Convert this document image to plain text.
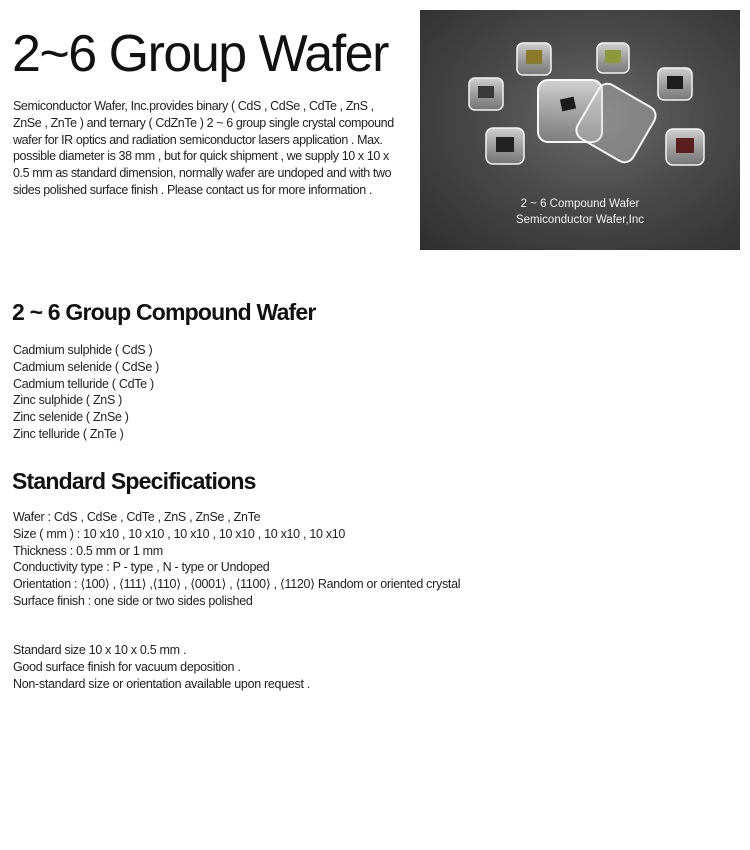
2~6 Group Wafer

Semiconductor Wafer, Inc.provides binary ( CdS , CdSe , CdTe , ZnS , ZnSe , ZnTe ) and ternary ( CdZnTe ) 2 ~ 6 group single crystal compound wafer for IR optics and radiation semiconductor lasers application . Max. possible diameter is 38 mm , but for quick shipment , we supply 10 x 10 x 0.5 mm as standard dimension, normally wafer are undoped and with two sides polished surface finish . Please contact us for more information .

2 ~ 6 Compound Wafer
Semiconductor Wafer,Inc
2 ~ 6 Group Compound Wafer
Cadmium sulphide ( CdS )
Cadmium selenide ( CdSe )
Cadmium telluride ( CdTe )
Zinc sulphide ( ZnS )
Zinc selenide ( ZnSe )
Zinc telluride ( ZnTe )
Standard Specifications
Wafer : CdS , CdSe , CdTe , ZnS , ZnSe , ZnTe
Size ( mm ) : 10 x10 , 10 x10 , 10 x10 , 10 x10 , 10 x10 , 10 x10
Thickness : 0.5 mm or 1 mm
Conductivity type : P - type , N - type or Undoped
Orientation : ⟨100⟩ , ⟨111⟩ ,⟨110⟩ , ⟨0001⟩ , ⟨1100⟩ , ⟨1120⟩ Random or oriented crystal
Surface finish : one side or two sides polished
Standard size 10 x 10 x 0.5 mm .
Good surface finish for vacuum deposition .
Non-standard size or orientation available upon request .
